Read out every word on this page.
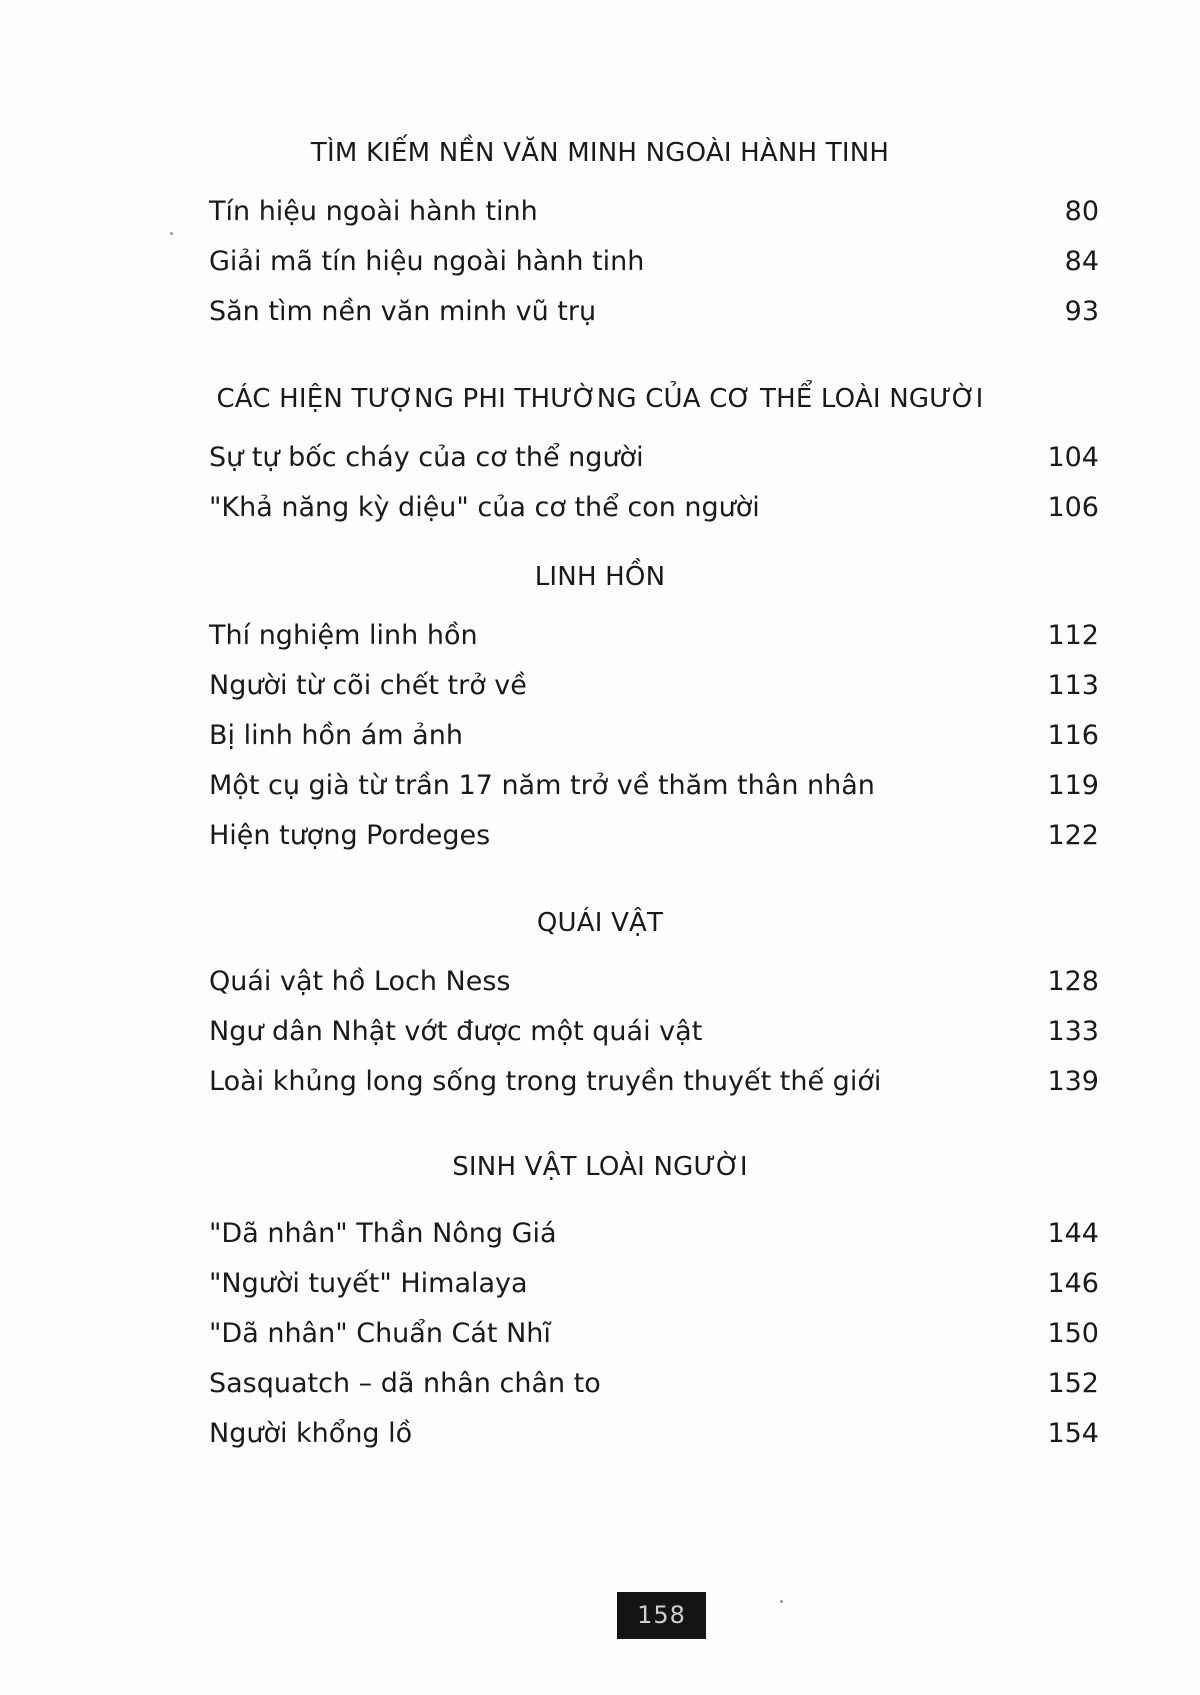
TÌM KIẾM NỀN VĂN MINH NGOÀI HÀNH TINH
Tín hiệu ngoài hành tinh	80
Giải mã tín hiệu ngoài hành tinh	84
Săn tìm nền văn minh vũ trụ	93
CÁC HIỆN TƯỢNG PHI THƯỜNG CỦA CƠ THỂ LOÀI NGƯỜI
Sự tự bốc cháy của cơ thể người	104
"Khả năng kỳ diệu" của cơ thể con người	106
LINH HỒN
Thí nghiệm linh hồn	112
Người từ cõi chết trở về	113
Bị linh hồn ám ảnh	116
Một cụ già từ trần 17 năm trở về thăm thân nhân	119
Hiện tượng Pordeges	122
QUÁI VẬT
Quái vật hồ Loch Ness	128
Ngư dân Nhật vớt được một quái vật	133
Loài khủng long sống trong truyền thuyết thế giới	139
SINH VẬT LOÀI NGƯỜI
"Dã nhân" Thần Nông Giá	144
"Người tuyết" Himalaya	146
"Dã nhân" Chuẩn Cát Nhĩ	150
Sasquatch – dã nhân chân to	152
Người khổng lồ	154
158
